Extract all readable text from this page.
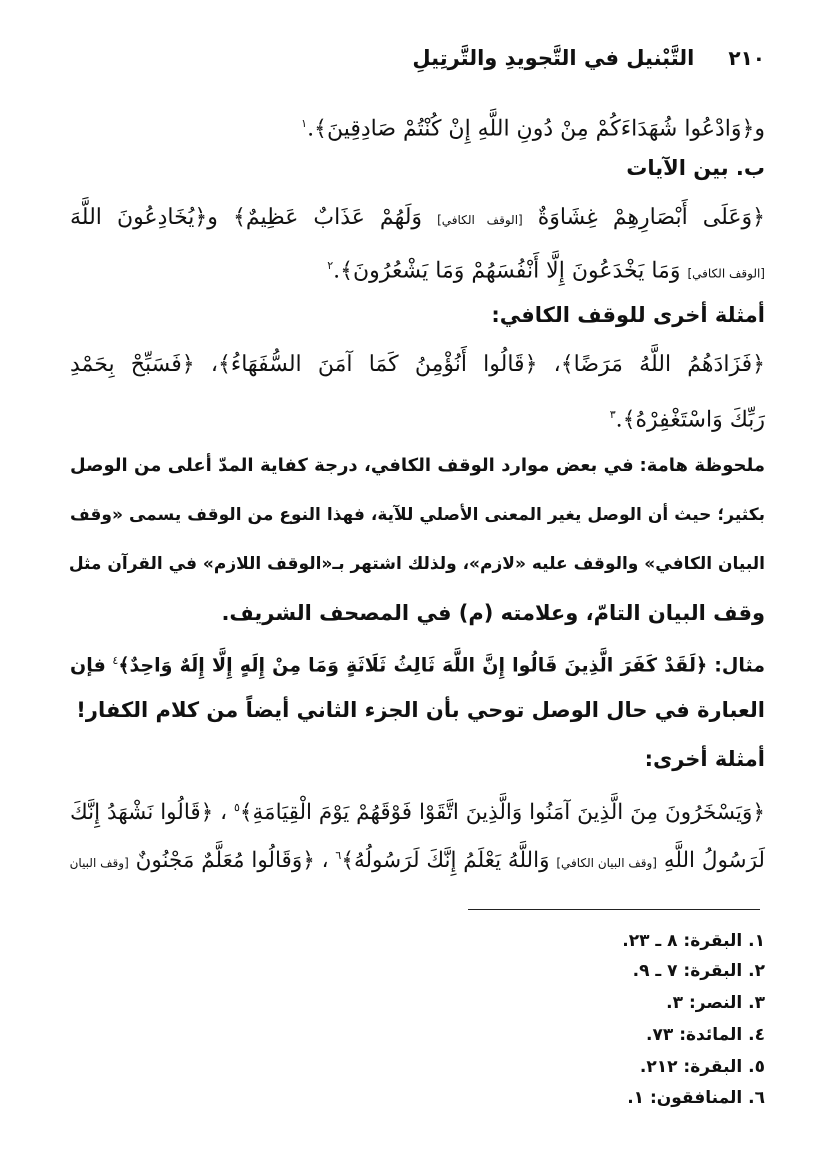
٢١٠
التَّبْنيل في التَّجويدِ والتَّرتِيلِ
و﴿وَادْعُوا شُهَدَاءَكُمْ مِنْ دُونِ اللَّهِ إِنْ كُنْتُمْ صَادِقِينَ﴾.$^١$
ب. بين الآيات
﴿وَعَلَى أَبْصَارِهِمْ غِشَاوَةٌ [الوقف الكافي] وَلَهُمْ عَذَابٌ عَظِيمٌ﴾ و﴿يُخَادِعُونَ اللَّهَ
[الوقف الكافي] وَمَا يَخْدَعُونَ إِلَّا أَنْفُسَهُمْ وَمَا يَشْعُرُونَ﴾.$^٢$
أمثلة أخرى للوقف الكافي:
﴿فَزَادَهُمُ اللَّهُ مَرَضًا﴾، ﴿قَالُوا أَنُؤْمِنُ كَمَا آمَنَ السُّفَهَاءُ﴾، ﴿فَسَبِّحْ بِحَمْدِ
رَبِّكَ وَاسْتَغْفِرْهُ﴾.$^٣$
ملحوظة هامة: في بعض موارد الوقف الكافي، درجة كفاية المدّ أعلى من الوصل
بكثير؛ حيث أن الوصل يغير المعنى الأصلي للآية، فهذا النوع من الوقف يسمى «وقف
البيان الكافي» والوقف عليه «لازم»، ولذلك اشتهر بـ«الوقف اللازم» في القرآن مثل
وقف البيان التامّ، وعلامته (م) في المصحف الشريف.
مثال: ﴿لَقَدْ كَفَرَ الَّذِينَ قَالُوا إِنَّ اللَّهَ ثَالِثُ ثَلَاثَةٍ وَمَا مِنْ إِلَهٍ إِلَّا إِلَهٌ وَاحِدٌ﴾$^٤$ فإن
العبارة في حال الوصل توحي بأن الجزء الثاني أيضاً من كلام الكفار!
أمثلة أخرى:
﴿وَيَسْخَرُونَ مِنَ الَّذِينَ آمَنُوا وَالَّذِينَ اتَّقَوْا فَوْقَهُمْ يَوْمَ الْقِيَامَةِ﴾$^٥$ ، ﴿قَالُوا نَشْهَدُ إِنَّكَ
لَرَسُولُ اللَّهِ [وقف البيان الكافي] وَاللَّهُ يَعْلَمُ إِنَّكَ لَرَسُولُهُ﴾$^٦$ ، ﴿وَقَالُوا مُعَلَّمٌ مَجْنُونٌ [وقف البيان
١. البقرة: ٨ ـ ٢٣.
٢. البقرة: ٧ ـ ٩.
٣. النصر: ٣.
٤. المائدة: ٧٣.
٥. البقرة: ٢١٢.
٦. المنافقون: ١.
